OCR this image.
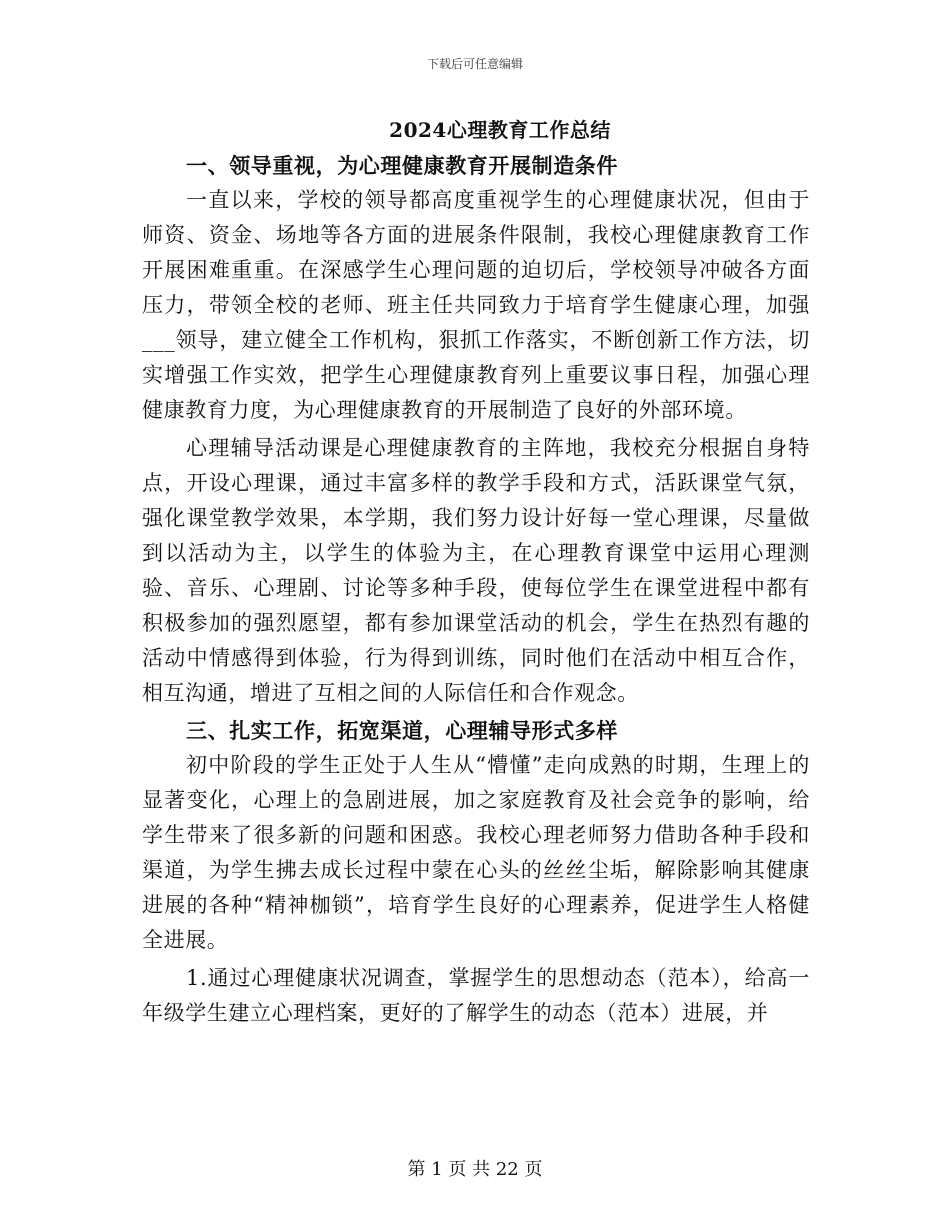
下载后可任意编辑
2024心理教育工作总结
一、领导重视，为心理健康教育开展制造条件

一直以来，学校的领导都高度重视学生的心理健康状况，但由于师资、资金、场地等各方面的进展条件限制，我校心理健康教育工作开展困难重重。在深感学生心理问题的迫切后，学校领导冲破各方面压力，带领全校的老师、班主任共同致力于培育学生健康心理，加强___领导，建立健全工作机构，狠抓工作落实，不断创新工作方法，切实增强工作实效，把学生心理健康教育列上重要议事日程，加强心理健康教育力度，为心理健康教育的开展制造了良好的外部环境。

心理辅导活动课是心理健康教育的主阵地，我校充分根据自身特点，开设心理课，通过丰富多样的教学手段和方式，活跃课堂气氛，强化课堂教学效果，本学期，我们努力设计好每一堂心理课，尽量做到以活动为主，以学生的体验为主，在心理教育课堂中运用心理测验、音乐、心理剧、讨论等多种手段，使每位学生在课堂进程中都有积极参加的强烈愿望，都有参加课堂活动的机会，学生在热烈有趣的活动中情感得到体验，行为得到训练，同时他们在活动中相互合作，相互沟通，增进了互相之间的人际信任和合作观念。

三、扎实工作，拓宽渠道，心理辅导形式多样

初中阶段的学生正处于人生从“懵懂”走向成熟的时期，生理上的显著变化，心理上的急剧进展，加之家庭教育及社会竞争的影响，给学生带来了很多新的问题和困惑。我校心理老师努力借助各种手段和渠道，为学生拂去成长过程中蒙在心头的丝丝尘垢，解除影响其健康进展的各种“精神枷锁”，培育学生良好的心理素养，促进学生人格健全进展。

1.通过心理健康状况调查，掌握学生的思想动态（范本），给高一年级学生建立心理档案，更好的了解学生的动态（范本）进展，并

第 1 页 共 22 页
